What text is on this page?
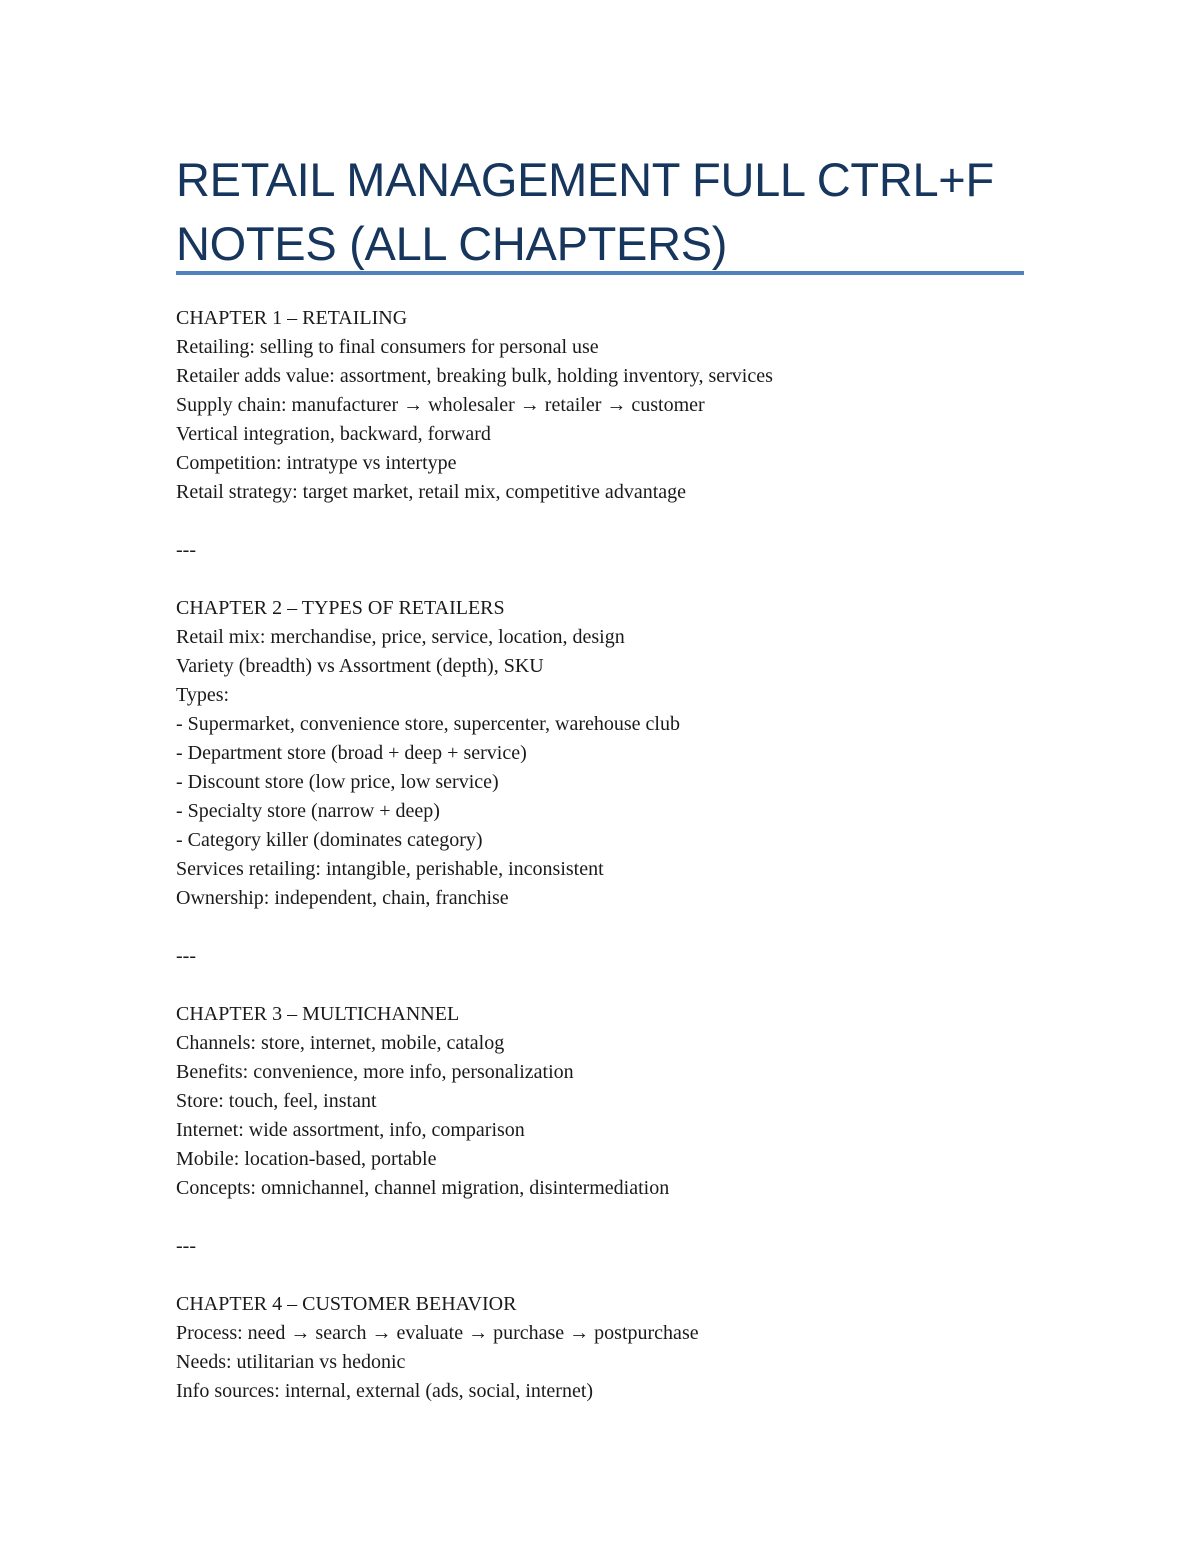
RETAIL MANAGEMENT FULL CTRL+F NOTES (ALL CHAPTERS)
CHAPTER 1 – RETAILING
Retailing: selling to final consumers for personal use
Retailer adds value: assortment, breaking bulk, holding inventory, services
Supply chain: manufacturer → wholesaler → retailer → customer
Vertical integration, backward, forward
Competition: intratype vs intertype
Retail strategy: target market, retail mix, competitive advantage
---
CHAPTER 2 – TYPES OF RETAILERS
Retail mix: merchandise, price, service, location, design
Variety (breadth) vs Assortment (depth), SKU
Types:
- Supermarket, convenience store, supercenter, warehouse club
- Department store (broad + deep + service)
- Discount store (low price, low service)
- Specialty store (narrow + deep)
- Category killer (dominates category)
Services retailing: intangible, perishable, inconsistent
Ownership: independent, chain, franchise
---
CHAPTER 3 – MULTICHANNEL
Channels: store, internet, mobile, catalog
Benefits: convenience, more info, personalization
Store: touch, feel, instant
Internet: wide assortment, info, comparison
Mobile: location-based, portable
Concepts: omnichannel, channel migration, disintermediation
---
CHAPTER 4 – CUSTOMER BEHAVIOR
Process: need → search → evaluate → purchase → postpurchase
Needs: utilitarian vs hedonic
Info sources: internal, external (ads, social, internet)
